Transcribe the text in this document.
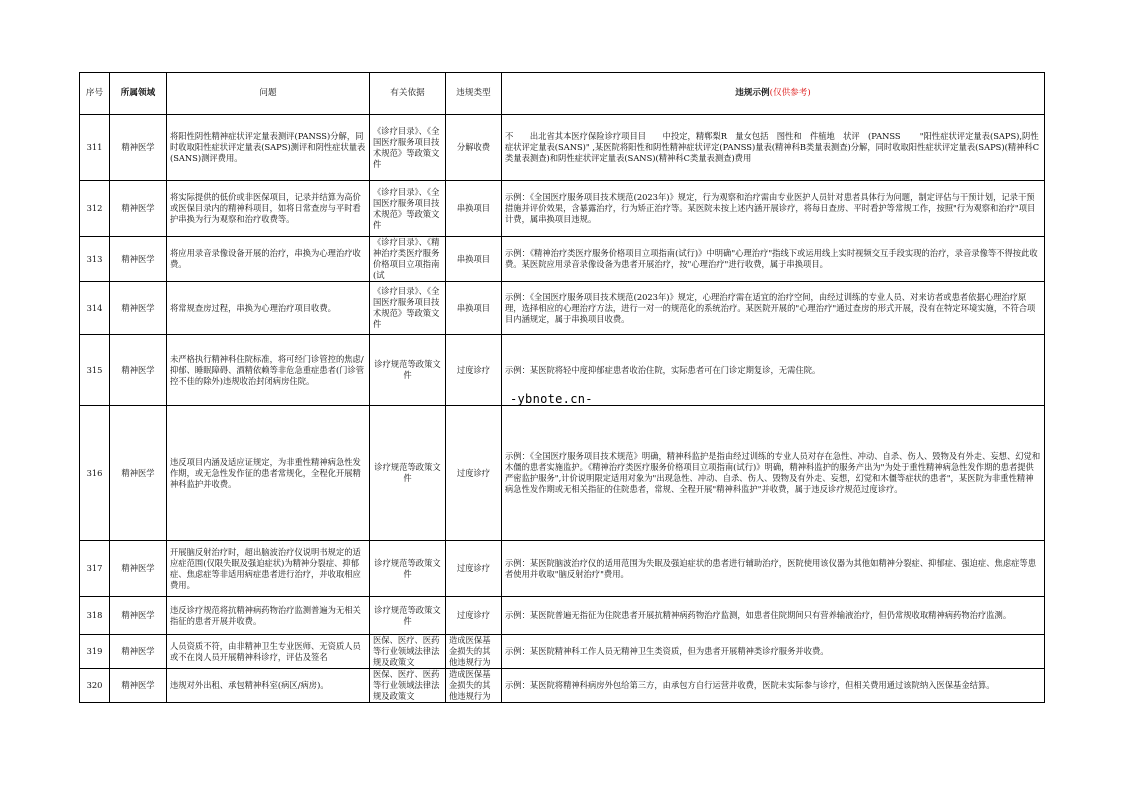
序号	所属领域	问题	有关依据	违规类型	违规示例(仅供参考)
311	精神医学	将阳性阴性精神症状评定量表测评(PANSS)分解，同时收取阳性症状评定量表(SAPS)测评和阴性症状量表(SANS)测评费用。	《诊疗目录》、《全国医疗服务项目技术规范》等政策文件	分解收费	不　　出北省其本医疗保险诊疗项目目　　中投定，精郸梨R　量女包括　图性和　件植地　状评　(PANSS　　 "阳性症状评定量表(SAPS),阴性症状评定量表(SANS)" ,某医院将阳性和阴性精神症状评定(PANSS)量表(精神科B类量表测查)分解，同时收取阳性症状评定量表(SAPS)(精神科C类量表测查)和阴性症状评定量表(SANS)(精神科C类量表测查)费用
312	精神医学	将实际提供的低价或非医保项目，记录并结算为高价或医保目录内的精神科项目，如将日常查房与平时看护串换为行为观察和治疗收费等。	《诊疗目录》、《全国医疗服务项目技术规范》等政策文件	串换项目	示例：《全国医疗服务项目技术规范(2023年)》规定，行为观察和治疗需由专业医护人员针对患者具体行为问题，制定评估与干预计划，记录干预措施并评价效果，含暴露治疗，行为矫正治疗等。某医院未按上述内涵开展诊疗，将每日查房、平时看护等常规工作，按照"行为观察和治疗"项目计费，属串换项目违规。
313	精神医学	将应用录音录像设备开展的治疗，串换为心理治疗收费。	《诊疗目录》、《精神治疗类医疗服务价格项目立项指南(试	串换项目	示例：《精神治疗类医疗服务价格项目立项指南(试行)》中明确"心理治疗"指线下或运用线上实时视频交互手段实现的治疗，录音录像等不得按此收费。某医院应用录音录像设备为患者开展治疗，按"心理治疗"进行收费，属于串换项目。
314	精神医学	将常规查房过程，串换为心理治疗项目收费。	《诊疗目录》、《全国医疗服务项目技术规范》等政策文件	串换项目	示例：《全国医疗服务项目技术规范(2023年)》规定，心理治疗需在适宜的治疗空间，由经过训练的专业人员、对来访者或患者依据心理治疗原理，选择相应的心理治疗方法，进行一对一的规范化的系统治疗。某医院开展的"心理治疗"通过查房的形式开展，没有在特定环境实施，不符合项目内涵规定，属于串换项目收费。
315	精神医学	未严格执行精神科住院标准，将可经门诊管控的焦虑/抑郁、睡眠障碍、酒精依赖等非危急重症患者(门诊管控不佳的除外)违规收治封闭病房住院。	诊疗规范等政策文件	过度诊疗	示例：某医院将轻中度抑郁症患者收治住院，实际患者可在门诊定期复诊，无需住院。
316	精神医学	违反项目内涵及适应证规定，为非重性精神病急性发作期，或无急性发作征的患者常规化，全程化开展精神科监护并收费。	诊疗规范等政策文件	过度诊疗	示例：《全国医疗服务项目技术规范》明确，精神科监护是指由经过训练的专业人员对存在急性、冲动、自杀、伤人、毁物及有外走、妄想、幻觉和木僵的患者实施监护。《精神治疗类医疗服务价格项目立项指南(试行)》明确，精神科监护的服务产出为"为处于重性精神病急性发作期的患者提供严密监护服务",计价说明限定适用对象为"出现急性、冲动、自杀、伤人、毁物及有外走、妄想，幻觉和木僵等症状的患者"，某医院为非重性精神病急性发作期或无相关指征的住院患者，常规、全程开展"精神科监护"并收费，属于违反诊疗规范过度诊疗。
317	精神医学	开展脑反射治疗时，超出脑波治疗仪说明书规定的适应症范围(仅限失眠及强迫症状)为精神分裂症、抑郁症、焦虑症等非适用病症患者进行治疗，并收取相应费用。	诊疗规范等政策文件	过度诊疗	示例：某医院脑波治疗仪的适用范围为失眠及强迫症状的患者进行辅助治疗，医院使用该仪器为其他如精神分裂症、抑郁症、强迫症、焦虑症等患者使用并收取"脑反射治疗"费用。
318	精神医学	违反诊疗规范将抗精神病药物治疗监测普遍为无相关指征的患者开展并收费。	诊疗规范等政策文件	过度诊疗	示例：某医院普遍无指征为住院患者开展抗精神病药物治疗监测，如患者住院期间只有营养输液治疗，但仍常规收取精神病药物治疗监测。
319	精神医学	人员资质不符，由非精神卫生专业医师、无资质人员或不在岗人员开展精神科诊疗，评估及签名	医保、医疗、医药等行业领域法律法规及政策文	造成医保基金损失的其他违规行为	示例：某医院精神科工作人员无精神卫生类资质，但为患者开展精神类诊疗服务并收费。
320	精神医学	违规对外出租、承包精神科室(病区/病房)。	医保、医疗、医药等行业领域法律法规及政策文	造成医保基金损失的其他违规行为	示例：某医院将精神科病房外包给第三方，由承包方自行运营并收费，医院未实际参与诊疗，但相关费用通过该院纳入医保基金结算。
-ybnote.cn-
